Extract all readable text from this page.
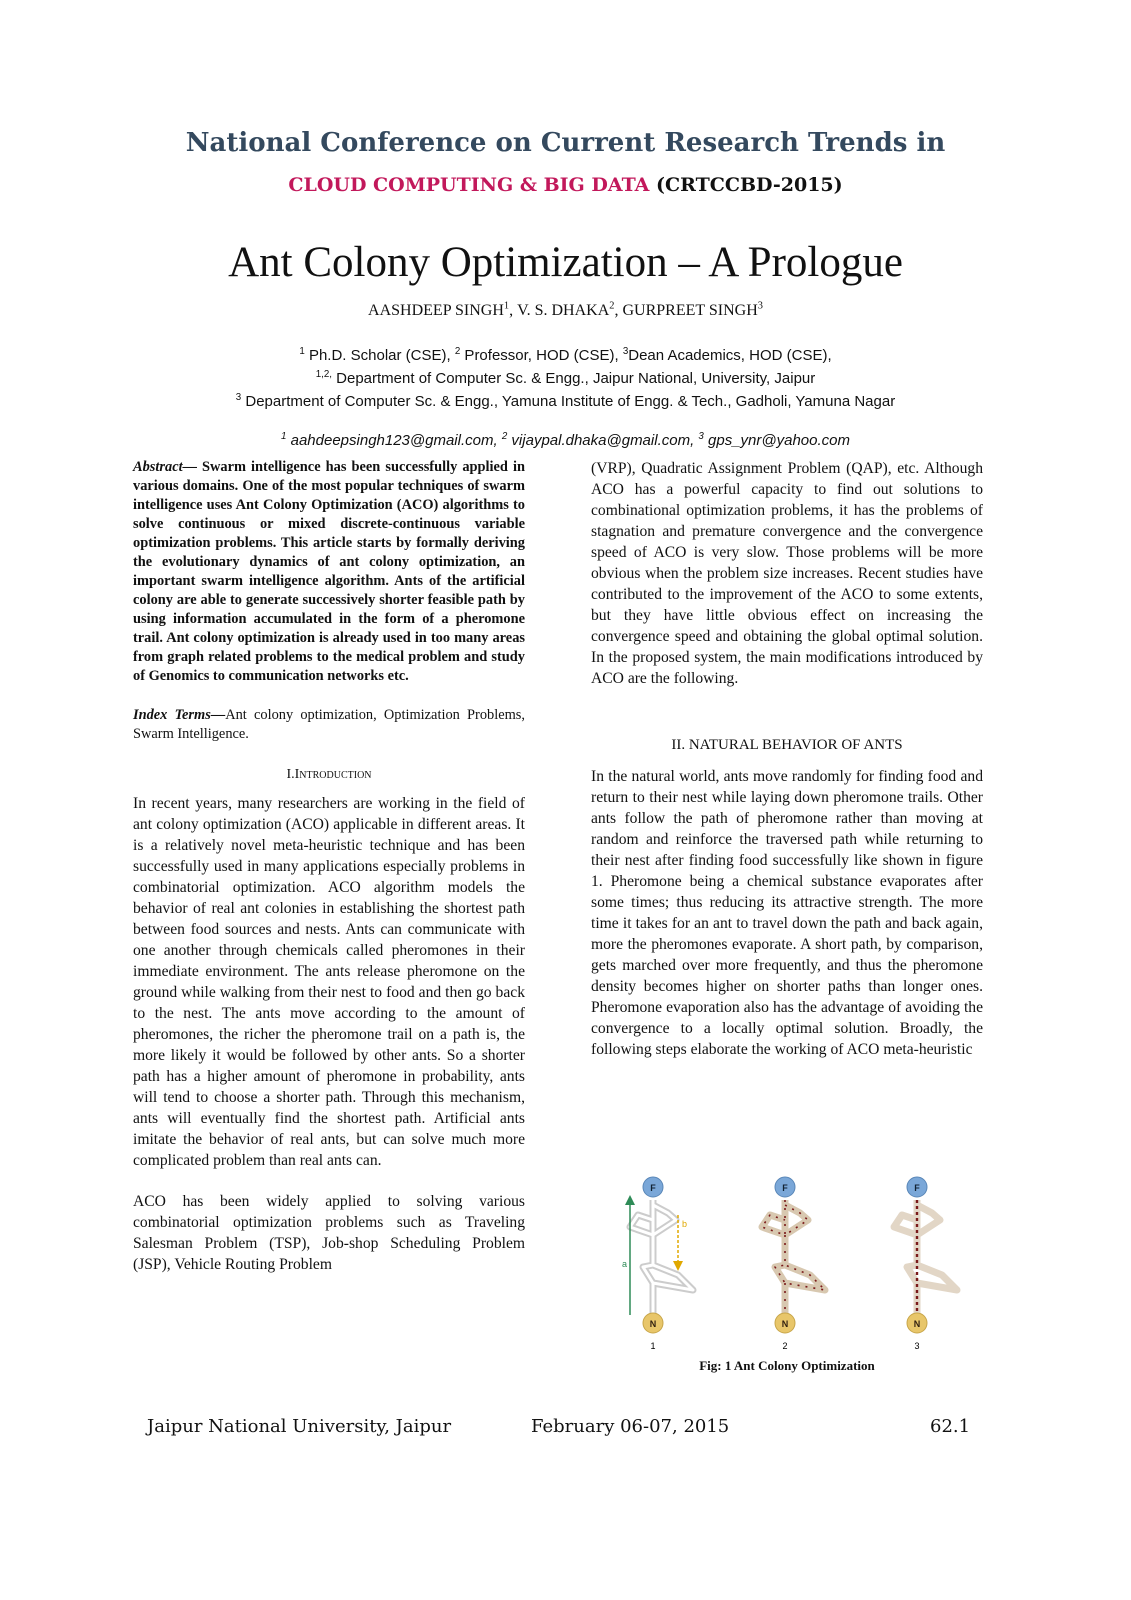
National Conference on Current Research Trends in
CLOUD COMPUTING & BIG DATA (CRTCCBD-2015)
Ant Colony Optimization – A Prologue
AASHDEEP SINGH$^1$, V. S. DHAKA$^2$, GURPREET SINGH$^3$
$^1$ Ph.D. Scholar (CSE), $^2$ Professor, HOD (CSE), $^3$Dean Academics, HOD (CSE),
$^{1,2,}$ Department of Computer Sc. & Engg., Jaipur National, University, Jaipur
$^3$ Department of Computer Sc. & Engg., Yamuna Institute of Engg. & Tech., Gadholi, Yamuna Nagar
$^1$ aahdeepsingh123@gmail.com, $^2$ vijaypal.dhaka@gmail.com, $^3$ gps_ynr@yahoo.com

Abstract— Swarm intelligence has been successfully applied in various domains. One of the most popular techniques of swarm intelligence uses Ant Colony Optimization (ACO) algorithms to solve continuous or mixed discrete-continuous variable optimization problems. This article starts by formally deriving the evolutionary dynamics of ant colony optimization, an important swarm intelligence algorithm. Ants of the artificial colony are able to generate successively shorter feasible path by using information accumulated in the form of a pheromone trail. Ant colony optimization is already used in too many areas from graph related problems to the medical problem and study of Genomics to communication networks etc.

Index Terms—Ant colony optimization, Optimization Problems, Swarm Intelligence.

I.Introduction

In recent years, many researchers are working in the field of ant colony optimization (ACO) applicable in different areas. It is a relatively novel meta-heuristic technique and has been successfully used in many applications especially problems in combinatorial optimization. ACO algorithm models the behavior of real ant colonies in establishing the shortest path between food sources and nests. Ants can communicate with one another through chemicals called pheromones in their immediate environment. The ants release pheromone on the ground while walking from their nest to food and then go back to the nest. The ants move according to the amount of pheromones, the richer the pheromone trail on a path is, the more likely it would be followed by other ants. So a shorter path has a higher amount of pheromone in probability, ants will tend to choose a shorter path. Through this mechanism, ants will eventually find the shortest path. Artificial ants imitate the behavior of real ants, but can solve much more complicated problem than real ants can.

ACO has been widely applied to solving various combinatorial optimization problems such as Traveling Salesman Problem (TSP), Job-shop Scheduling Problem (JSP), Vehicle Routing Problem

(VRP), Quadratic Assignment Problem (QAP), etc. Although ACO has a powerful capacity to find out solutions to combinational optimization problems, it has the problems of stagnation and premature convergence and the convergence speed of ACO is very slow. Those problems will be more obvious when the problem size increases. Recent studies have contributed to the improvement of the ACO to some extents, but they have little obvious effect on increasing the convergence speed and obtaining the global optimal solution. In the proposed system, the main modifications introduced by ACO are the following.

II. NATURAL BEHAVIOR OF ANTS

In the natural world, ants move randomly for finding food and return to their nest while laying down pheromone trails. Other ants follow the path of pheromone rather than moving at random and reinforce the traversed path while returning to their nest after finding food successfully like shown in figure 1. Pheromone being a chemical substance evaporates after some times; thus reducing its attractive strength. The more time it takes for an ant to travel down the path and back again, more the pheromones evaporate. A short path, by comparison, gets marched over more frequently, and thus the pheromone density becomes higher on shorter paths than longer ones. Pheromone evaporation also has the advantage of avoiding the convergence to a locally optimal solution. Broadly, the following steps elaborate the working of ACO meta-heuristic

a
b
F
N
1
F
N
2
F
N
3
Fig: 1 Ant Colony Optimization
Jaipur National University, Jaipur	February 06-07, 2015	62.1
